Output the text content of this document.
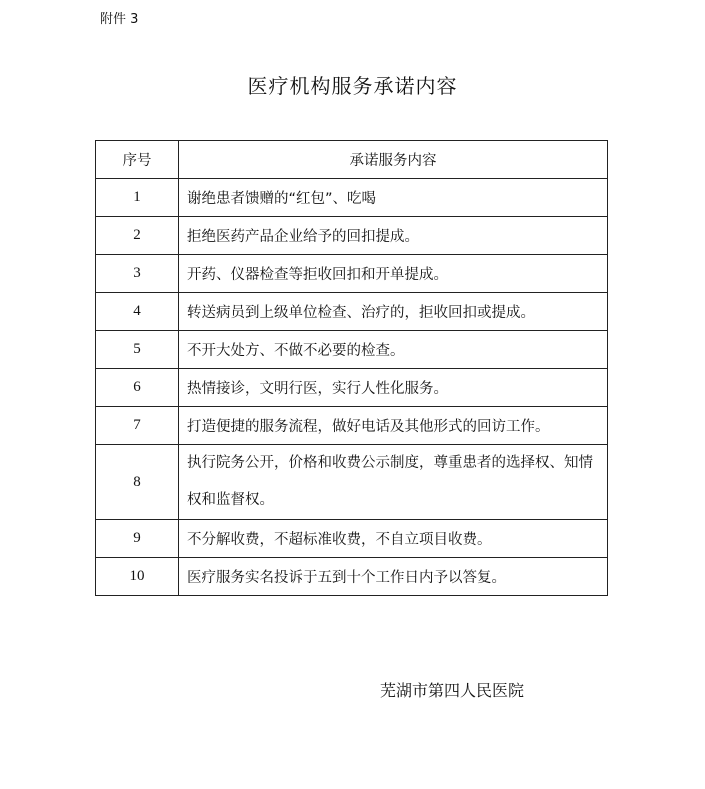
附件 3
医疗机构服务承诺内容
序号	承诺服务内容
1	谢绝患者馈赠的“红包”、吃喝
2	拒绝医药产品企业给予的回扣提成。
3	开药、仪器检查等拒收回扣和开单提成。
4	转送病员到上级单位检查、治疗的，拒收回扣或提成。
5	不开大处方、不做不必要的检查。
6	热情接诊，文明行医，实行人性化服务。
7	打造便捷的服务流程，做好电话及其他形式的回访工作。
8	执行院务公开，价格和收费公示制度，尊重患者的选择权、知情权和监督权。
9	不分解收费，不超标准收费，不自立项目收费。
10	医疗服务实名投诉于五到十个工作日内予以答复。
芜湖市第四人民医院
